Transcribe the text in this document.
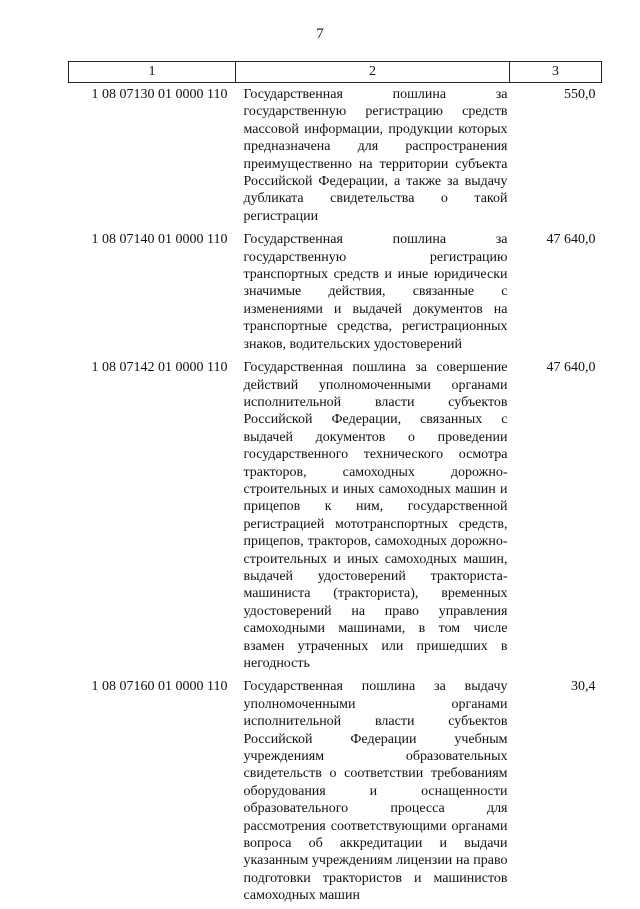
7
1	2	3
1 08 07130 01 0000 110	Государственная пошлина за государственную регистрацию средств массовой информации, продукции которых предназначена для распространения преимущественно на территории субъекта Российской Федерации, а также за выдачу дубликата свидетельства о такой регистрации	550,0
1 08 07140 01 0000 110	Государственная пошлина за государственную регистрацию транспортных средств и иные юридически значимые действия, связанные с изменениями и выдачей документов на транспортные средства, регистрационных знаков, водительских удостоверений	47 640,0
1 08 07142 01 0000 110	Государственная пошлина за совершение действий уполномоченными органами исполнительной власти субъектов Российской Федерации, связанных с выдачей документов о проведении государственного технического осмотра тракторов, самоходных дорожно-строительных и иных самоходных машин и прицепов к ним, государственной регистрацией мототранспортных средств, прицепов, тракторов, самоходных дорожно-строительных и иных самоходных машин, выдачей удостоверений тракториста-машиниста (тракториста), временных удостоверений на право управления самоходными машинами, в том числе взамен утраченных или пришедших в негодность	47 640,0
1 08 07160 01 0000 110	Государственная пошлина за выдачу уполномоченными органами исполнительной власти субъектов Российской Федерации учебным учреждениям образовательных свидетельств о соответствии требованиям оборудования и оснащенности образовательного процесса для рассмотрения соответствующими органами вопроса об аккредитации и выдачи указанным учреждениям лицензии на право подготовки трактористов и машинистов самоходных машин	30,4
